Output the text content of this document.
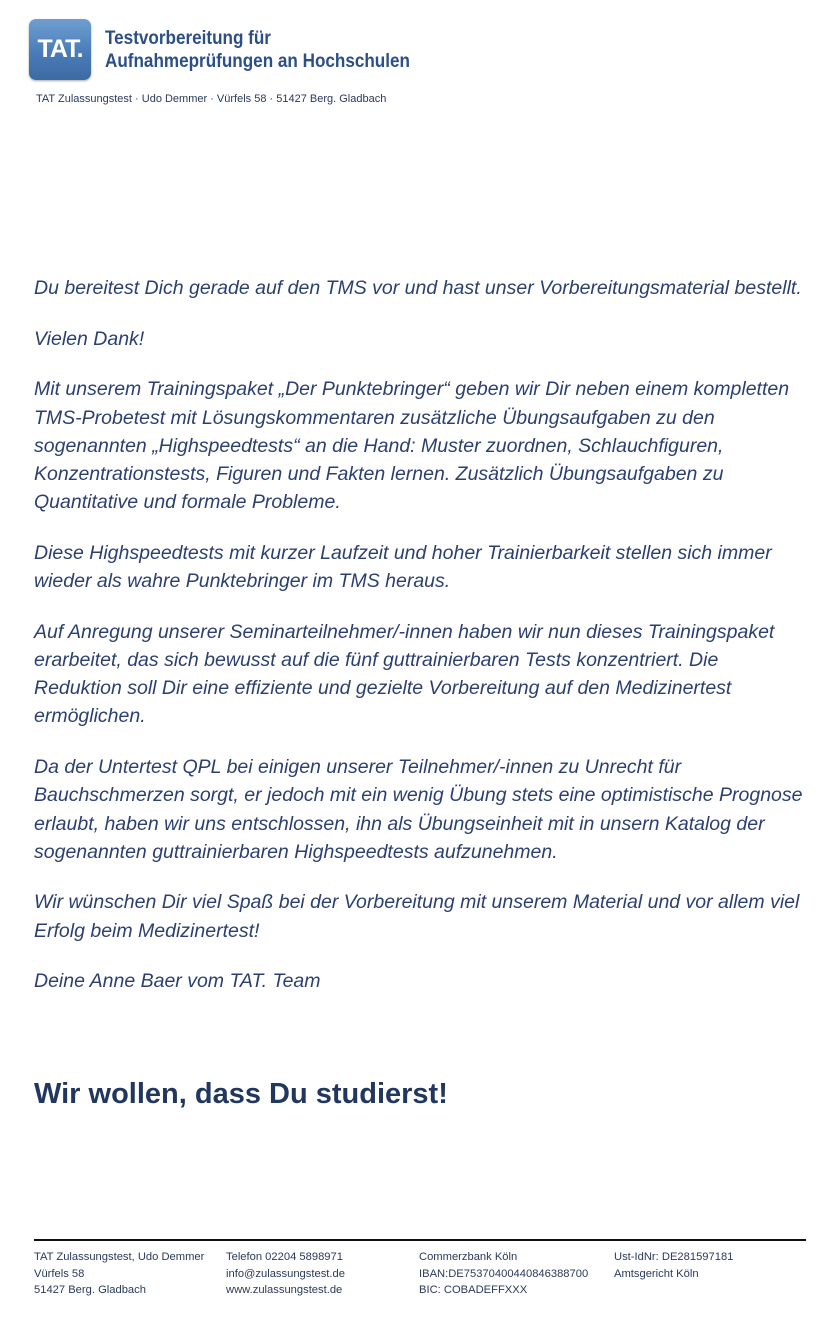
TAT. Testvorbereitung für
Aufnahmeprüfungen an Hochschulen
TAT Zulassungstest · Udo Demmer · Vürfels 58 · 51427 Berg. Gladbach

Du bereitest Dich gerade auf den TMS vor und hast unser Vorbereitungsmaterial bestellt.

Vielen Dank!

Mit unserem Trainingspaket „Der Punktebringer“ geben wir Dir neben einem kompletten TMS-Probetest mit Lösungskommentaren zusätzliche Übungsaufgaben zu den sogenannten „Highspeedtests“ an die Hand: Muster zuordnen, Schlauchfiguren, Konzentrationstests, Figuren und Fakten lernen. Zusätzlich Übungsaufgaben zu Quantitative und formale Probleme.

Diese Highspeedtests mit kurzer Laufzeit und hoher Trainierbarkeit stellen sich immer wieder als wahre Punktebringer im TMS heraus.

Auf Anregung unserer Seminarteilnehmer/-innen haben wir nun dieses Trainingspaket erarbeitet, das sich bewusst auf die fünf guttrainierbaren Tests konzentriert. Die Reduktion soll Dir eine effiziente und gezielte Vorbereitung auf den Medizinertest ermöglichen.

Da der Untertest QPL bei einigen unserer Teilnehmer/-innen zu Unrecht für Bauchschmerzen sorgt, er jedoch mit ein wenig Übung stets eine optimistische Prognose erlaubt, haben wir uns entschlossen, ihn als Übungseinheit mit in unsern Katalog der sogenannten guttrainierbaren Highspeedtests aufzunehmen.

Wir wünschen Dir viel Spaß bei der Vorbereitung mit unserem Material und vor allem viel Erfolg beim Medizinertest!

Deine Anne Baer vom TAT. Team

Wir wollen, dass Du studierst!
TAT Zulassungstest, Udo Demmer
Vürfels 58
51427 Berg. Gladbach
Telefon 02204 5898971
info@zulassungstest.de
www.zulassungstest.de
Commerzbank Köln
IBAN:DE75370400440846388700
BIC: COBADEFFXXX
Ust-IdNr: DE281597181
Amtsgericht Köln
